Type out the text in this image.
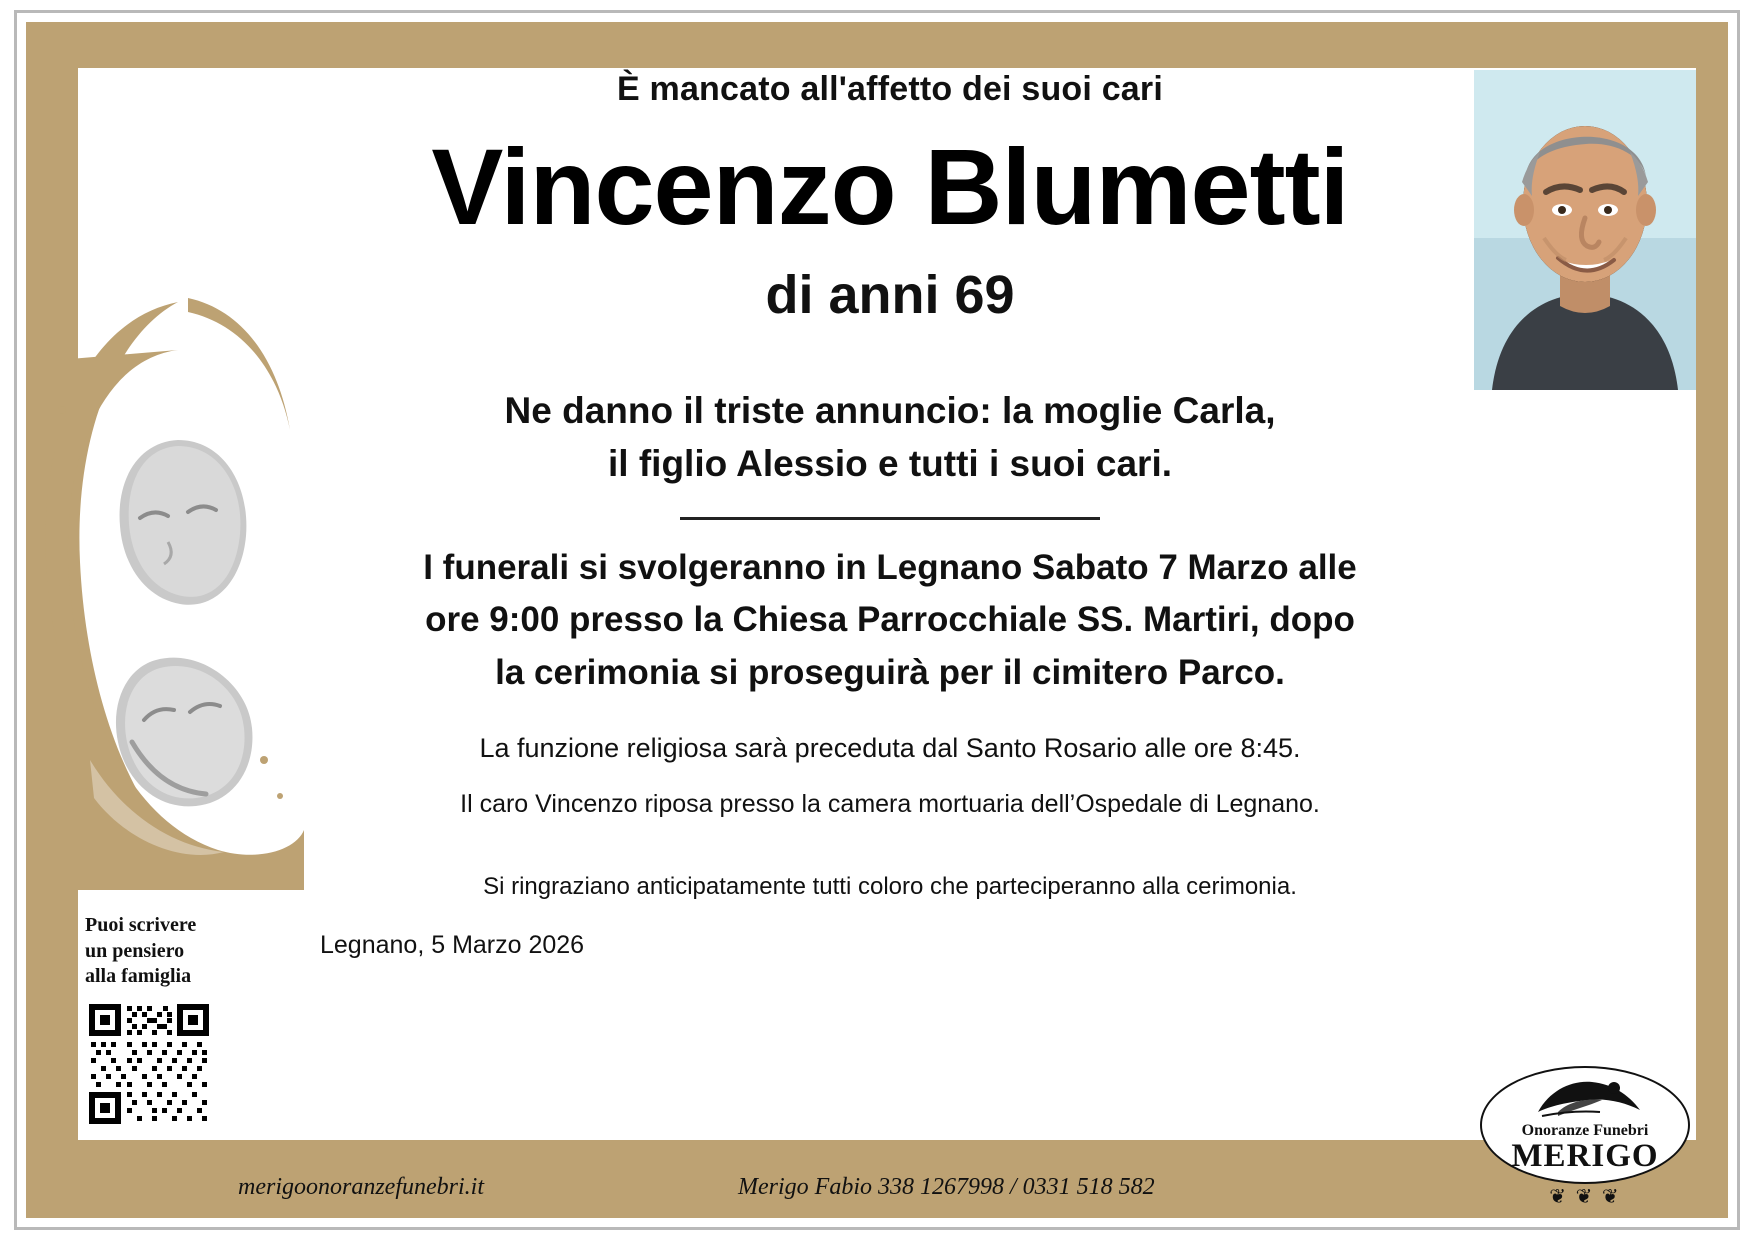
È mancato all'affetto dei suoi cari
Vincenzo Blumetti
di anni 69
Ne danno il triste annuncio: la moglie Carla,
il figlio Alessio e tutti i suoi cari.
I funerali si svolgeranno in Legnano Sabato 7 Marzo alle
ore 9:00 presso la Chiesa Parrocchiale SS. Martiri, dopo
la cerimonia si proseguirà per il cimitero Parco.
La funzione religiosa sarà preceduta dal Santo Rosario alle ore 8:45.
Il caro Vincenzo riposa presso la camera mortuaria dell’Ospedale di Legnano.
Si ringraziano anticipatamente tutti coloro che parteciperanno alla cerimonia.
Legnano, 5 Marzo 2026
Puoi scrivere
un pensiero
alla famiglia
merigoonoranzefunebri.it	Merigo Fabio 338 1267998 / 0331 518 582
Onoranze Funebri
MERIGO
❦ ❦ ❦
